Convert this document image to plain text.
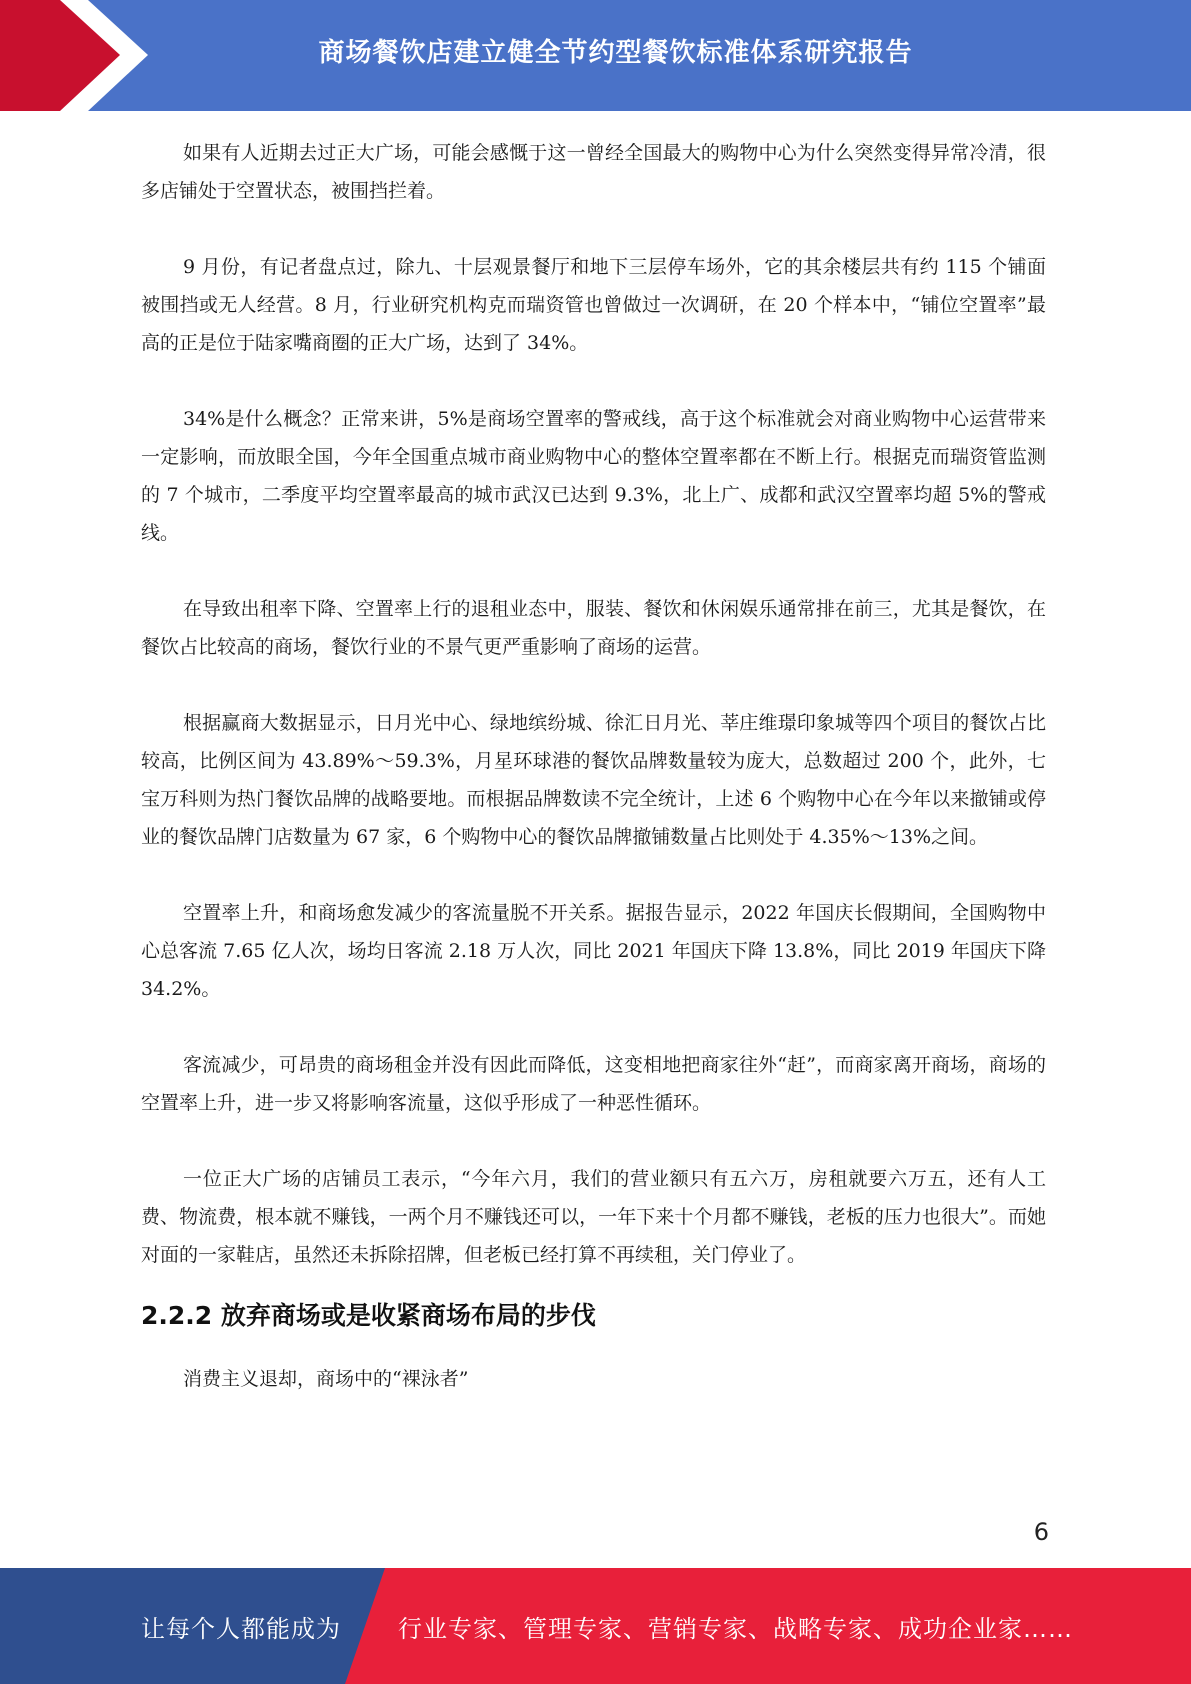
商场餐饮店建立健全节约型餐饮标准体系研究报告

如果有人近期去过正大广场，可能会感慨于这一曾经全国最大的购物中心为什么突然变得异常冷清，很多店铺处于空置状态，被围挡拦着。

9 月份，有记者盘点过，除九、十层观景餐厅和地下三层停车场外，它的其余楼层共有约 115 个铺面被围挡或无人经营。8 月，行业研究机构克而瑞资管也曾做过一次调研，在 20 个样本中，“铺位空置率”最高的正是位于陆家嘴商圈的正大广场，达到了 34%。

34%是什么概念？正常来讲，5%是商场空置率的警戒线，高于这个标准就会对商业购物中心运营带来一定影响，而放眼全国，今年全国重点城市商业购物中心的整体空置率都在不断上行。根据克而瑞资管监测的 7 个城市，二季度平均空置率最高的城市武汉已达到 9.3%，北上广、成都和武汉空置率均超 5%的警戒线。

在导致出租率下降、空置率上行的退租业态中，服装、餐饮和休闲娱乐通常排在前三，尤其是餐饮，在餐饮占比较高的商场，餐饮行业的不景气更严重影响了商场的运营。

根据赢商大数据显示，日月光中心、绿地缤纷城、徐汇日月光、莘庄维璟印象城等四个项目的餐饮占比较高，比例区间为 43.89%～59.3%，月星环球港的餐饮品牌数量较为庞大，总数超过 200 个，此外，七宝万科则为热门餐饮品牌的战略要地。而根据品牌数读不完全统计，上述 6 个购物中心在今年以来撤铺或停业的餐饮品牌门店数量为 67 家，6 个购物中心的餐饮品牌撤铺数量占比则处于 4.35%～13%之间。

空置率上升，和商场愈发减少的客流量脱不开关系。据报告显示，2022 年国庆长假期间，全国购物中心总客流 7.65 亿人次，场均日客流 2.18 万人次，同比 2021 年国庆下降 13.8%，同比 2019 年国庆下降 34.2%。

客流减少，可昂贵的商场租金并没有因此而降低，这变相地把商家往外“赶”，而商家离开商场，商场的空置率上升，进一步又将影响客流量，这似乎形成了一种恶性循环。

一位正大广场的店铺员工表示，“今年六月，我们的营业额只有五六万，房租就要六万五，还有人工费、物流费，根本就不赚钱，一两个月不赚钱还可以，一年下来十个月都不赚钱，老板的压力也很大”。而她对面的一家鞋店，虽然还未拆除招牌，但老板已经打算不再续租，关门停业了。

2.2.2 放弃商场或是收紧商场布局的步伐

消费主义退却，商场中的“裸泳者”

6
让每个人都能成为 行业专家、管理专家、营销专家、战略专家、成功企业家……
